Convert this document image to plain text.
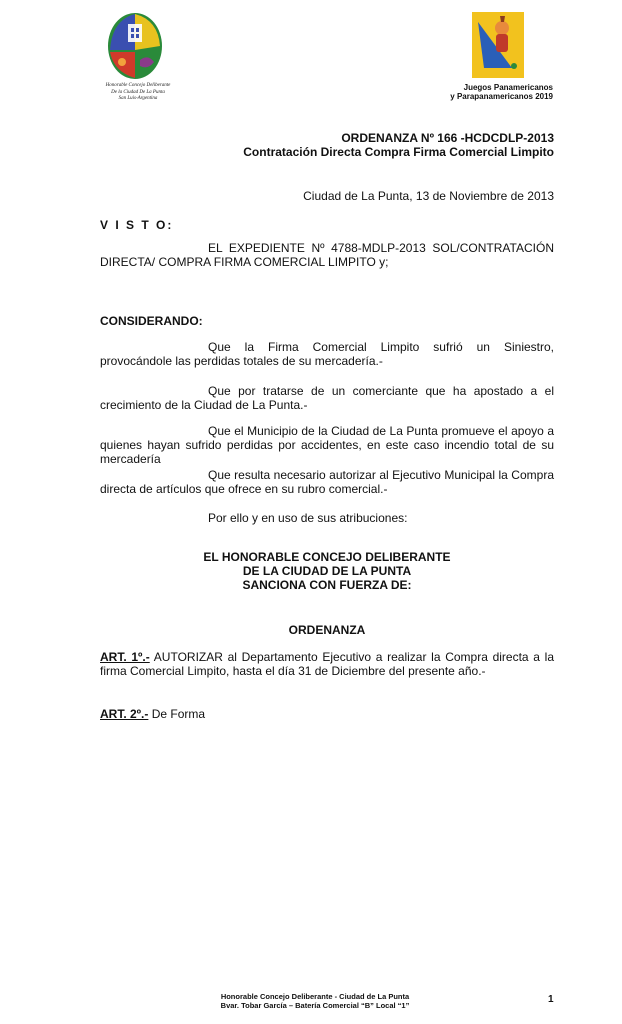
Honorable Concejo Deliberante
De la Ciudad De La Punta
San Luis-Argentina
Juegos Panamericanos
y Parapanamericanos 2019
ORDENANZA Nº 166 -HCDCDLP-2013
Contratación Directa Compra Firma Comercial Limpito
Ciudad de La Punta, 13 de Noviembre de 2013
V I S T O:
EL EXPEDIENTE Nº 4788-MDLP-2013 SOL/CONTRATACIÓN DIRECTA/ COMPRA FIRMA COMERCIAL LIMPITO y;
CONSIDERANDO:
Que la Firma Comercial Limpito sufrió un Siniestro, provocándole las perdidas totales de su mercadería.-
Que por tratarse de un comerciante que ha apostado a el crecimiento de la Ciudad de La Punta.-
Que el Municipio de la Ciudad de La Punta promueve el apoyo a quienes hayan sufrido perdidas por accidentes, en este caso incendio total de su mercadería
Que resulta necesario autorizar al Ejecutivo Municipal la Compra directa de artículos que ofrece en su rubro comercial.-
Por ello y en uso de sus atribuciones:
EL HONORABLE CONCEJO DELIBERANTE
DE LA CIUDAD DE LA PUNTA
SANCIONA CON FUERZA DE:
ORDENANZA
ART. 1º.- AUTORIZAR al Departamento Ejecutivo a realizar la Compra directa a la firma Comercial Limpito, hasta el día 31 de Diciembre del presente año.-
ART. 2º.- De Forma
Honorable Concejo Deliberante - Ciudad de La Punta
Bvar. Tobar García – Batería Comercial “B” Local “1”
1
